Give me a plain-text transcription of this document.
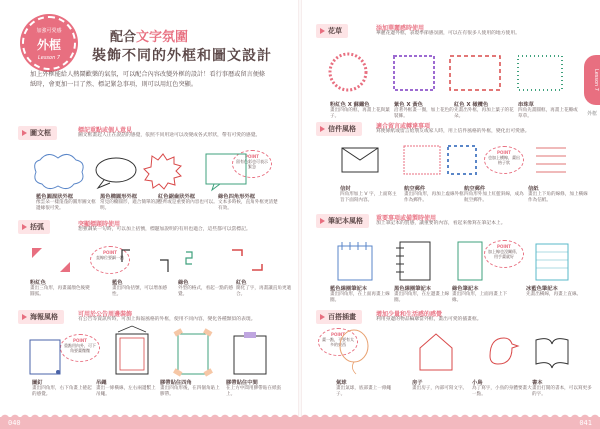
加強可愛感
外框
Lesson 7
配合文字氛圍
裝飾不同的外框和圖文設計
加上外框能給人熱鬧歡樂的氣氛，可以配合內容改變外框的設計！看行事曆或留言便條紙時，會更加一目了然、標記緊急事項，則可以用紅色突顯。
圖文框	標記重點或個人意見
圖文框畫起人正在說話的感覺，依照不同用途可以改變成各式形狀，帶有可愛的感覺。
POINT
留有色彩也可表示緊急
藍色圓渥狀外框
像雲朵一樣蓬蓬的圓形圖文框邊緣很可愛。
黑色橢圓形外框
常見的橢圓形，適合簡單的說明。
紅色鋸齒狀外框
整齊或是重要的內容也可以。
綠色四角形外框
文本多時候，直角外框更清楚有效。
括弧	突顯標題時使用
想強調某一句時，可以加上括號，標題加說明的有用也適合，這些都可以當標記。
POINT
直線位要細一點
粉紅色
畫出三角形，再畫滿顏色後變圓弧。
藍色
畫出四角括號，可以增加感性。
綠色
外型的格式，看起一點的感覺。
紅色
簡化了字，再畫讓直角更適合。
海報風格	可用於公告周邊裝飾
有公告等資訊所時，可加上海報風格的外框，使用不同內容，變化各種類似的表現。
POINT
重點用內外，可下角要畫微微
圖釘
畫出四角形，右下角畫上捲起的感覺。
吊繩
畫出一條橫線，左右兩邊繫上吊繩。
膠帶貼住四角
畫出四角形後，在四個角貼上膠帶。
膠帶貼住中間
在上方中間用膠帶貼在紙張上。
Lesson 7
外框
花草	添加華麗感時使用
華麗花邊外框，表現季節感氛圍，可以在有很多人使用的地方使用。
粉紅色 X 蘇鐵色
畫出四角的框，再畫上花與葉子。
紫色 X 黃色
沿著外框畫一圈，加上花色的裝飾。
紅色 X 橄欖色
先畫出外框，再加上葉子的花朵。
串珠草
四角先畫圓框，再畫上花瓣或草草。
信件風格	適合留言或轉達事項
寫便條紙或留言給朋友或家人時，用上信件風格的外框，變化出可愛感。
POINT
也加上橫線，畫出格子狀
信封
四角形加上 V 字，上面寫主旨下面寫內容。
航空郵件
畫出四角形，再加上虛線外框作為郵件。
航空郵件
四角形外加上紅藍斜線，成為航空郵件。
信紙
畫出上下角的線條，加上橫線作為信紙。
筆記本風格	重要事項或備製時使用
加上筆記本的質感，讓重要的內容，看起來像寫在筆記本上。
POINT
加上線也沒關係，用手畫就好
藍色線圈筆記本
畫出四角形，在上面再畫上線圈。
黑色線圈筆記本
畫出四角形，在左邊畫上線圈。
綠色筆記本
畫出四角形，上面再畫上下緣。
冰藍色筆記本
先畫出橫線，再畫上直線。
百搭插畫	增加少量和生活感的感覺
利用身邊的物品輪廓當外框，畫出可愛的插畫框。
POINT
畫一點，不要有太多的東西
氣球
畫出氣球，底部畫上一條繩子。
房子
畫出房子，內部可寫文字。
小鳥
為了寫字，小鳥的身體要畫大一點。
書本
畫出打開的書本，可以寫更多的字。
040	041
